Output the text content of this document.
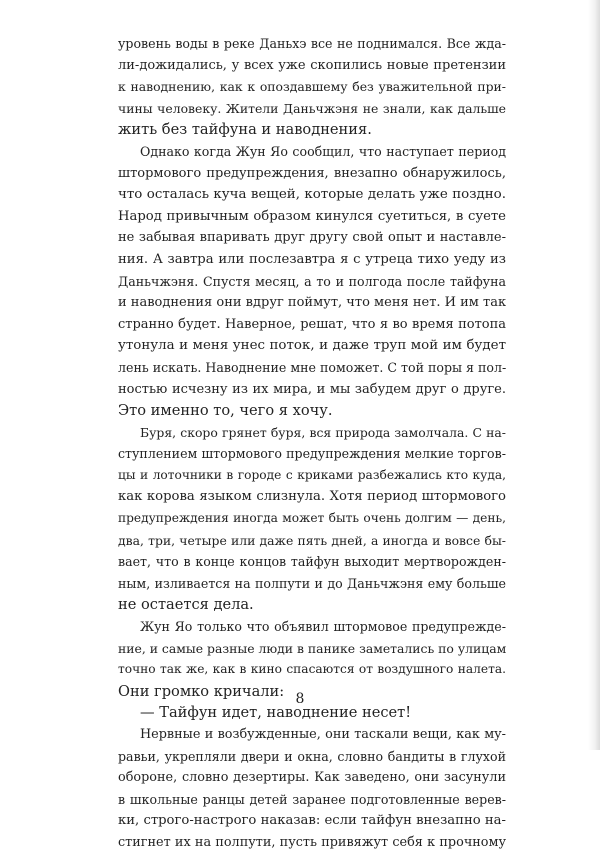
уровень воды в реке Даньхэ все не поднимался. Все жда-
ли-дожидались, у всех уже скопились новые претензии
к наводнению, как к опоздавшему без уважительной при-
чины человеку. Жители Даньчжэня не знали, как дальше
жить без тайфуна и наводнения.
Однако когда Жун Яо сообщил, что наступает период
штормового предупреждения, внезапно обнаружилось,
что осталась куча вещей, которые делать уже поздно.
Народ привычным образом кинулся суетиться, в суете
не забывая впаривать друг другу свой опыт и наставле-
ния. А завтра или послезавтра я с утреца тихо уеду из
Даньчжэня. Спустя месяц, а то и полгода после тайфуна
и наводнения они вдруг поймут, что меня нет. И им так
странно будет. Наверное, решат, что я во время потопа
утонула и меня унес поток, и даже труп мой им будет
лень искать. Наводнение мне поможет. С той поры я пол-
ностью исчезну из их мира, и мы забудем друг о друге.
Это именно то, чего я хочу.
Буря, скоро грянет буря, вся природа замолчала. С на-
ступлением штормового предупреждения мелкие торгов-
цы и лоточники в городе с криками разбежались кто куда,
как корова языком слизнула. Хотя период штормового
предупреждения иногда может быть очень долгим — день,
два, три, четыре или даже пять дней, а иногда и вовсе бы-
вает, что в конце концов тайфун выходит мертворожден-
ным, изливается на полпути и до Даньчжэня ему больше
не остается дела.
Жун Яо только что объявил штормовое предупрежде-
ние, и самые разные люди в панике заметались по улицам
точно так же, как в кино спасаются от воздушного налета.
Они громко кричали:
— Тайфун идет, наводнение несет!
Нервные и возбужденные, они таскали вещи, как му-
равьи, укрепляли двери и окна, словно бандиты в глухой
обороне, словно дезертиры. Как заведено, они засунули
в школьные ранцы детей заранее подготовленные верев-
ки, строго-настрого наказав: если тайфун внезапно на-
стигнет их на полпути, пусть привяжут себя к прочному
8
